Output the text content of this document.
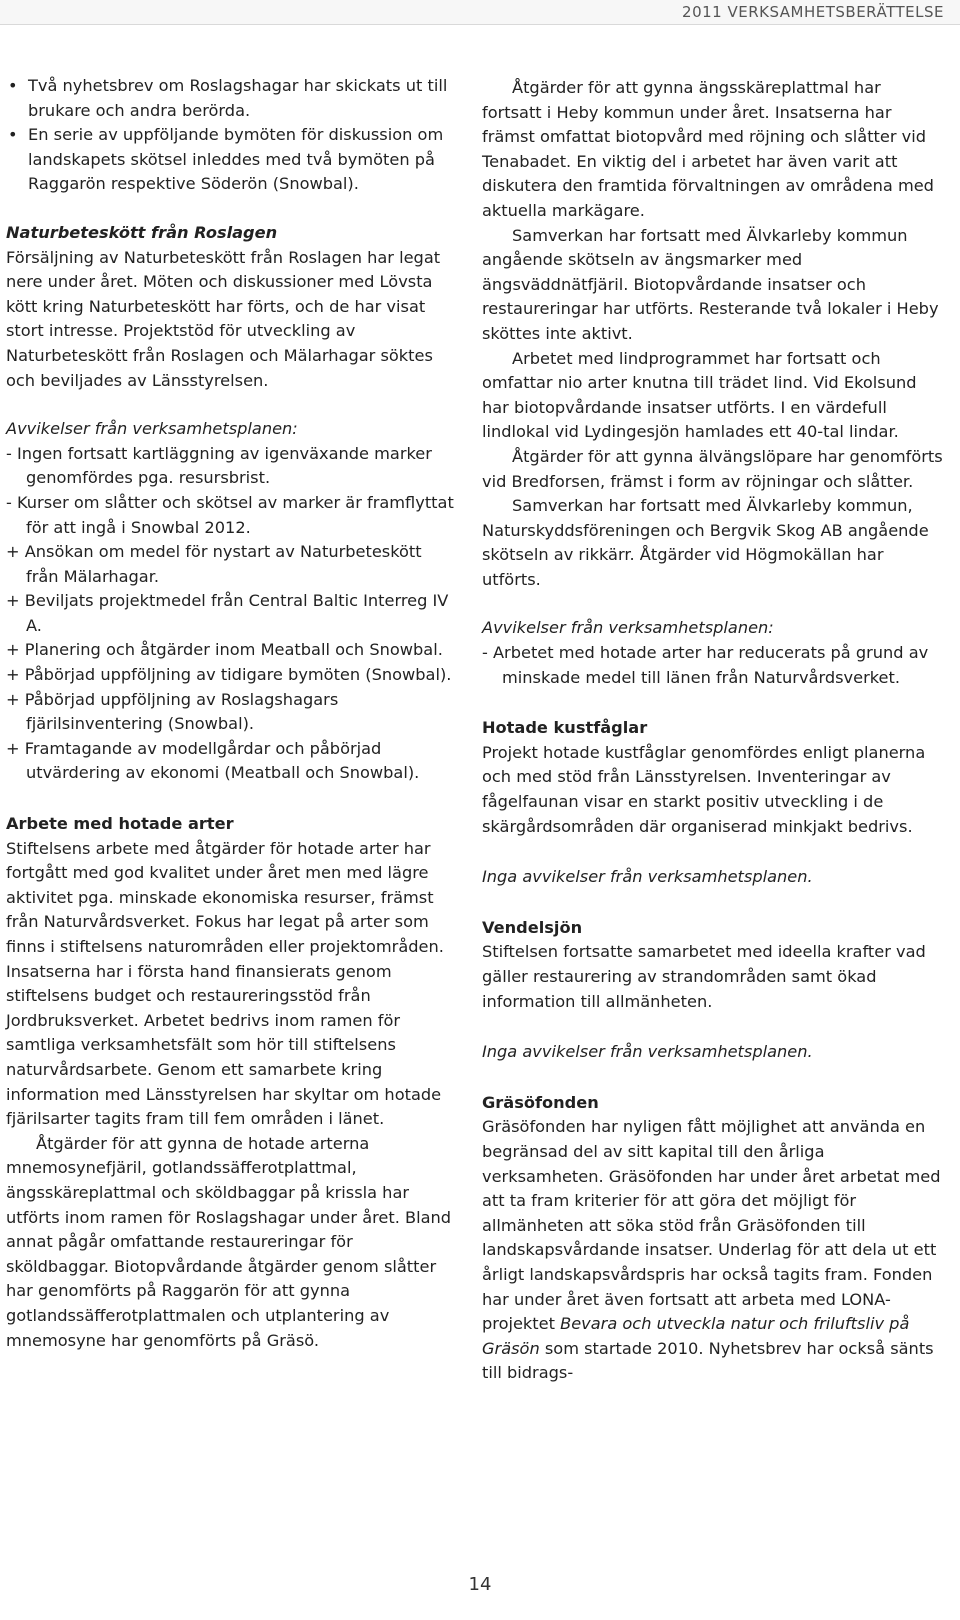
2011 VERKSAMHETSBERÄTTELSE
• Två nyhetsbrev om Roslagshagar har skickats ut till brukare och andra berörda.
• En serie av uppföljande bymöten för diskussion om landskapets skötsel inleddes med två bymöten på Raggarön respektive Söderön (Snowbal).

Naturbeteskött från Roslagen

Försäljning av Naturbeteskött från Roslagen har legat nere under året. Möten och diskussioner med Lövsta kött kring Naturbeteskött har förts, och de har visat stort intresse. Projektstöd för utveckling av Naturbeteskött från Roslagen och Mälarhagar söktes och beviljades av Länsstyrelsen.

Avvikelser från verksamhetsplanen:

- Ingen fortsatt kartläggning av igenväxande marker genomfördes pga. resursbrist.

- Kurser om slåtter och skötsel av marker är framflyttat för att ingå i Snowbal 2012.

+ Ansökan om medel för nystart av Naturbeteskött från Mälarhagar.

+ Beviljats projektmedel från Central Baltic Interreg IV A.

+ Planering och åtgärder inom Meatball och Snowbal.

+ Påbörjad uppföljning av tidigare bymöten (Snowbal).

+ Påbörjad uppföljning av Roslagshagars fjärilsinventering (Snowbal).

+ Framtagande av modellgårdar och påbörjad utvärdering av ekonomi (Meatball och Snowbal).

Arbete med hotade arter

Stiftelsens arbete med åtgärder för hotade arter har fortgått med god kvalitet under året men med lägre aktivitet pga. minskade ekonomiska resurser, främst från Naturvårdsverket. Fokus har legat på arter som finns i stiftelsens naturområden eller projektområden. Insatserna har i första hand finansierats genom stiftelsens budget och restaureringsstöd från Jordbruksverket. Arbetet bedrivs inom ramen för samtliga verksamhetsfält som hör till stiftelsens naturvårdsarbete. Genom ett samarbete kring information med Länsstyrelsen har skyltar om hotade fjärilsarter tagits fram till fem områden i länet.

Åtgärder för att gynna de hotade arterna mnemosynefjäril, gotlandssäfferotplattmal, ängsskäreplattmal och sköldbaggar på krissla har utförts inom ramen för Roslagshagar under året. Bland annat pågår omfattande restaureringar för sköldbaggar. Biotopvårdande åtgärder genom slåtter har genomförts på Raggarön för att gynna gotlandssäfferotplattmalen och utplantering av mnemosyne har genomförts på Gräsö.

Åtgärder för att gynna ängsskäreplattmal har fortsatt i Heby kommun under året. Insatserna har främst omfattat biotopvård med röjning och slåtter vid Tenabadet. En viktig del i arbetet har även varit att diskutera den framtida förvaltningen av områdena med aktuella markägare.

Samverkan har fortsatt med Älvkarleby kommun angående skötseln av ängsmarker med ängsväddnätfjäril. Biotopvårdande insatser och restaureringar har utförts. Resterande två lokaler i Heby sköttes inte aktivt.

Arbetet med lindprogrammet har fortsatt och omfattar nio arter knutna till trädet lind. Vid Ekolsund har biotopvårdande insatser utförts. I en värdefull lindlokal vid Lydingesjön hamlades ett 40-tal lindar.

Åtgärder för att gynna älvängslöpare har genomförts vid Bredforsen, främst i form av röjningar och slåtter.

Samverkan har fortsatt med Älvkarleby kommun, Naturskyddsföreningen och Bergvik Skog AB angående skötseln av rikkärr. Åtgärder vid Högmokällan har utförts.

Avvikelser från verksamhetsplanen:

- Arbetet med hotade arter har reducerats på grund av minskade medel till länen från Naturvårdsverket.

Hotade kustfåglar

Projekt hotade kustfåglar genomfördes enligt planerna och med stöd från Länsstyrelsen. Inventeringar av fågelfaunan visar en starkt positiv utveckling i de skärgårdsområden där organiserad minkjakt bedrivs.

Inga avvikelser från verksamhetsplanen.

Vendelsjön

Stiftelsen fortsatte samarbetet med ideella krafter vad gäller restaurering av strandområden samt ökad information till allmänheten.

Inga avvikelser från verksamhetsplanen.

Gräsöfonden

Gräsöfonden har nyligen fått möjlighet att använda en begränsad del av sitt kapital till den årliga verksamheten. Gräsöfonden har under året arbetat med att ta fram kriterier för att göra det möjligt för allmänheten att söka stöd från Gräsöfonden till landskapsvårdande insatser. Underlag för att dela ut ett årligt landskapsvårdspris har också tagits fram. Fonden har under året även fortsatt att arbeta med LONA-projektet Bevara och utveckla natur och friluftsliv på Gräsön som startade 2010. Nyhetsbrev har också sänts till bidrags-

14
